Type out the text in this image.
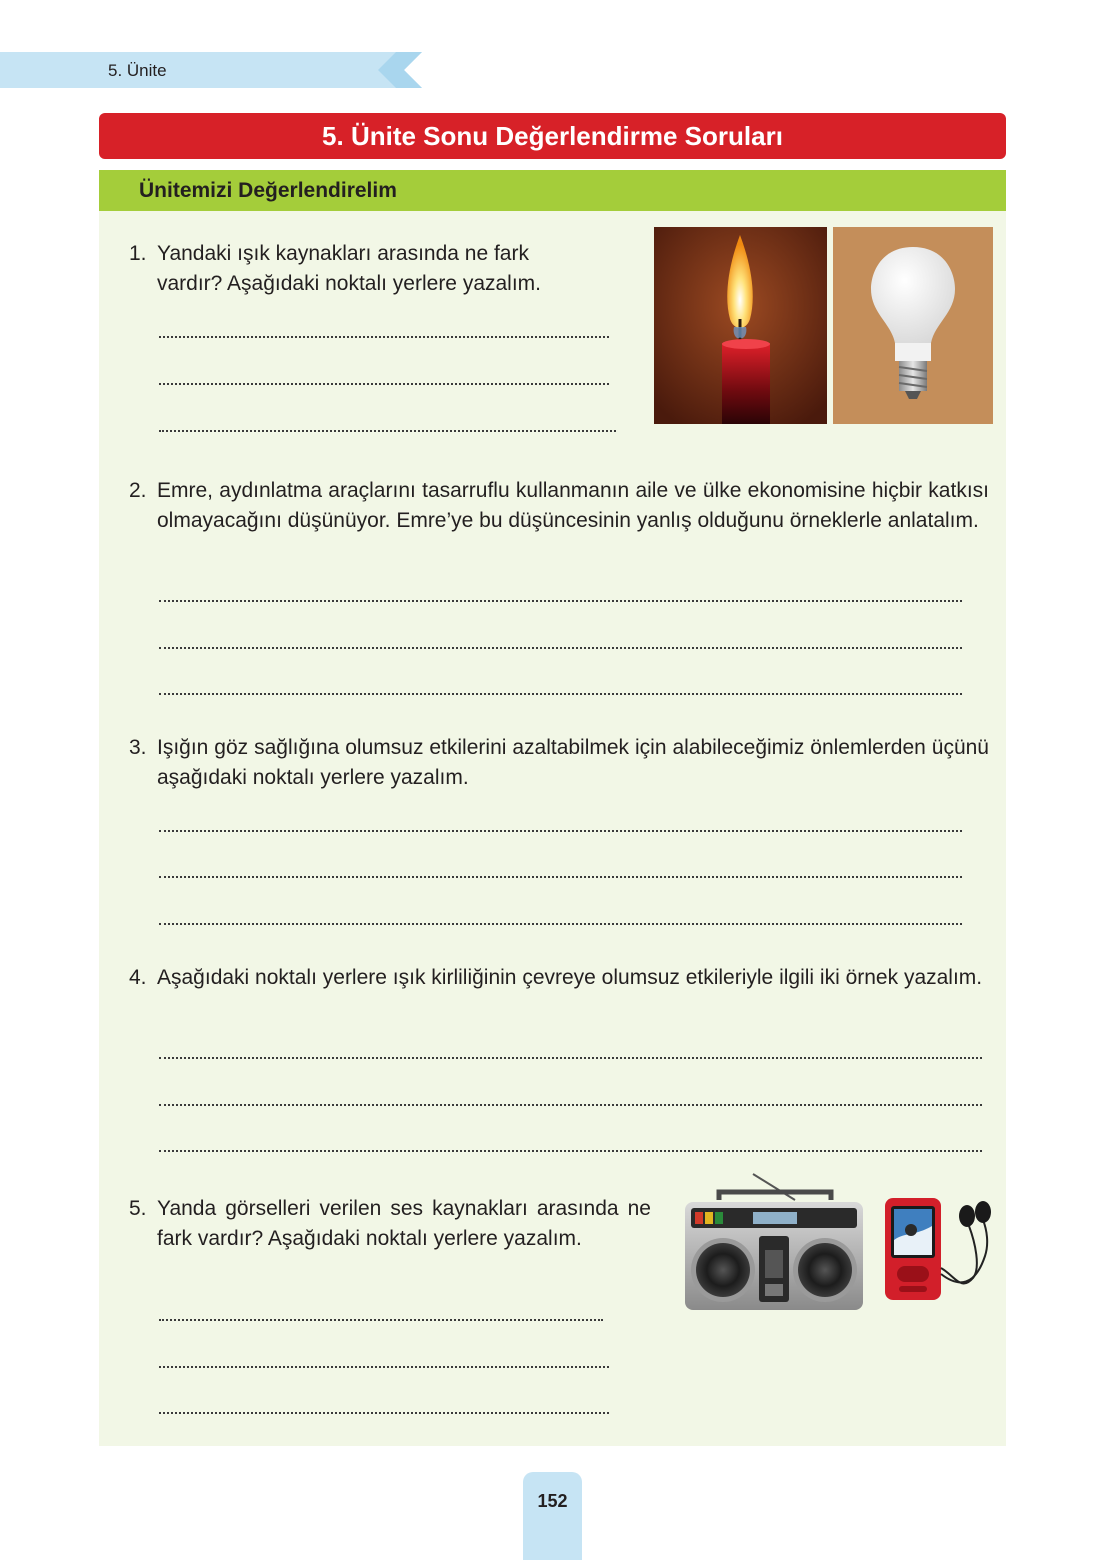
5. Ünite
5. Ünite Sonu Değerlendirme Soruları
Ünitemizi Değerlendirelim
1. Yandaki ışık kaynakları arasında ne fark vardır? Aşağıdaki noktalı yerlere yazalım.
2. Emre, aydınlatma araçlarını tasarruflu kullanmanın aile ve ülke ekonomisine hiçbir katkısı olmayacağını düşünüyor. Emre’ye bu düşüncesinin yanlış olduğunu örneklerle anlatalım.
3. Işığın göz sağlığına olumsuz etkilerini azaltabilmek için alabileceğimiz önlemlerden üçünü aşağıdaki noktalı yerlere yazalım.
4. Aşağıdaki noktalı yerlere ışık kirliliğinin çevreye olumsuz etkileriyle ilgili iki örnek yazalım.
5. Yanda görselleri verilen ses kaynakları arasında ne fark vardır? Aşağıdaki noktalı yerlere yazalım.
152
